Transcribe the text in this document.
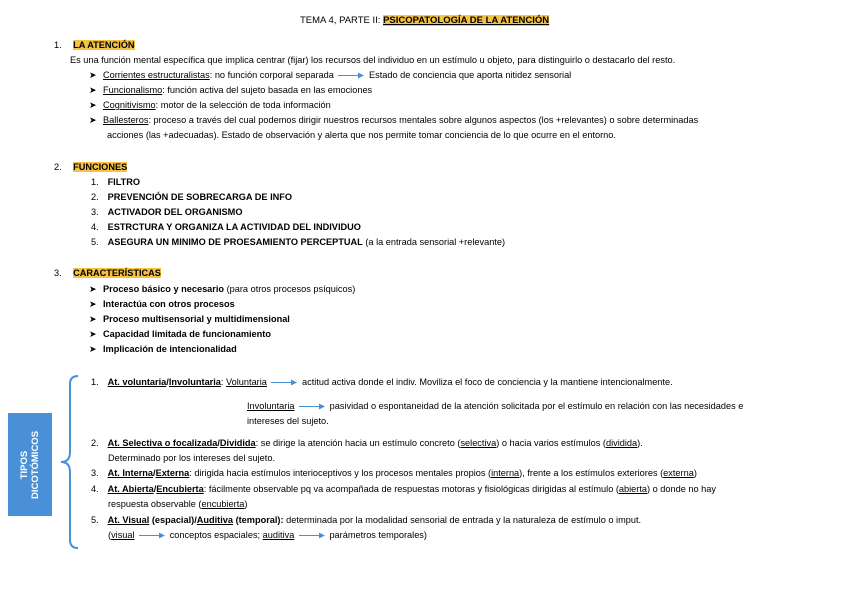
TEMA 4, PARTE II: PSICOPATOLOGÍA DE LA ATENCIÓN
1. LA ATENCIÓN
Es una función mental específica que implica centrar (fijar) los recursos del individuo en un estímulo u objeto, para distinguirlo o destacarlo del resto.
➤ Corrientes estructuralistas: no función corporal separada	Estado de conciencia que aporta nitidez sensorial
➤ Funcionalismo: función activa del sujeto basada en las emociones
➤ Cognitivismo: motor de la selección de toda información
➤ Ballesteros: proceso a través del cual podemos dirigir nuestros recursos mentales sobre algunos aspectos (los +relevantes) o sobre determinadas
acciones (las +adecuadas). Estado de observación y alerta que nos permite tomar conciencia de lo que ocurre en el entorno.
2. FUNCIONES
1. FILTRO
2. PREVENCIÓN DE SOBRECARGA DE INFO
3. ACTIVADOR DEL ORGANISMO
4. ESTRCTURA Y ORGANIZA LA ACTIVIDAD DEL INDIVIDUO
5. ASEGURA UN MINIMO DE PROESAMIENTO PERCEPTUAL (a la entrada sensorial +relevante)
3. CARACTERÍSTICAS
➤ Proceso básico y necesario (para otros procesos psíquicos)
➤ Interactúa con otros procesos
➤ Proceso multisensorial y multidimensional
➤ Capacidad limitada de funcionamiento
➤ Implicación de intencionalidad
TIPOS DICOTÓMICOS
1. At. voluntaria/Involuntaria: Voluntaria	actitud activa donde el indiv. Moviliza el foco de conciencia y la mantiene intencionalmente.
Involuntaria	pasividad o espontaneidad de la atención solicitada por el estímulo en relación con las necesidades e
intereses del sujeto.
2. At. Selectiva o focalizada/Dividida: se dirige la atención hacia un estímulo concreto (selectiva) o hacia varios estímulos (dividida).
Determinado por los intereses del sujeto.
3. At. Interna/Externa: dirigida hacia estímulos interioceptivos y los procesos mentales propios (interna), frente a los estímulos exteriores (externa)
4. At. Abierta/Encubierta: fácilmente observable pq va acompañada de respuestas motoras y fisiológicas dirigidas al estímulo (abierta) o donde no hay
respuesta observable (encubierta)
5. At. Visual (espacial)/Auditiva (temporal): determinada por la modalidad sensorial de entrada y la naturaleza de estímulo o imput.
(visual	conceptos espaciales; auditiva	parámetros temporales)
